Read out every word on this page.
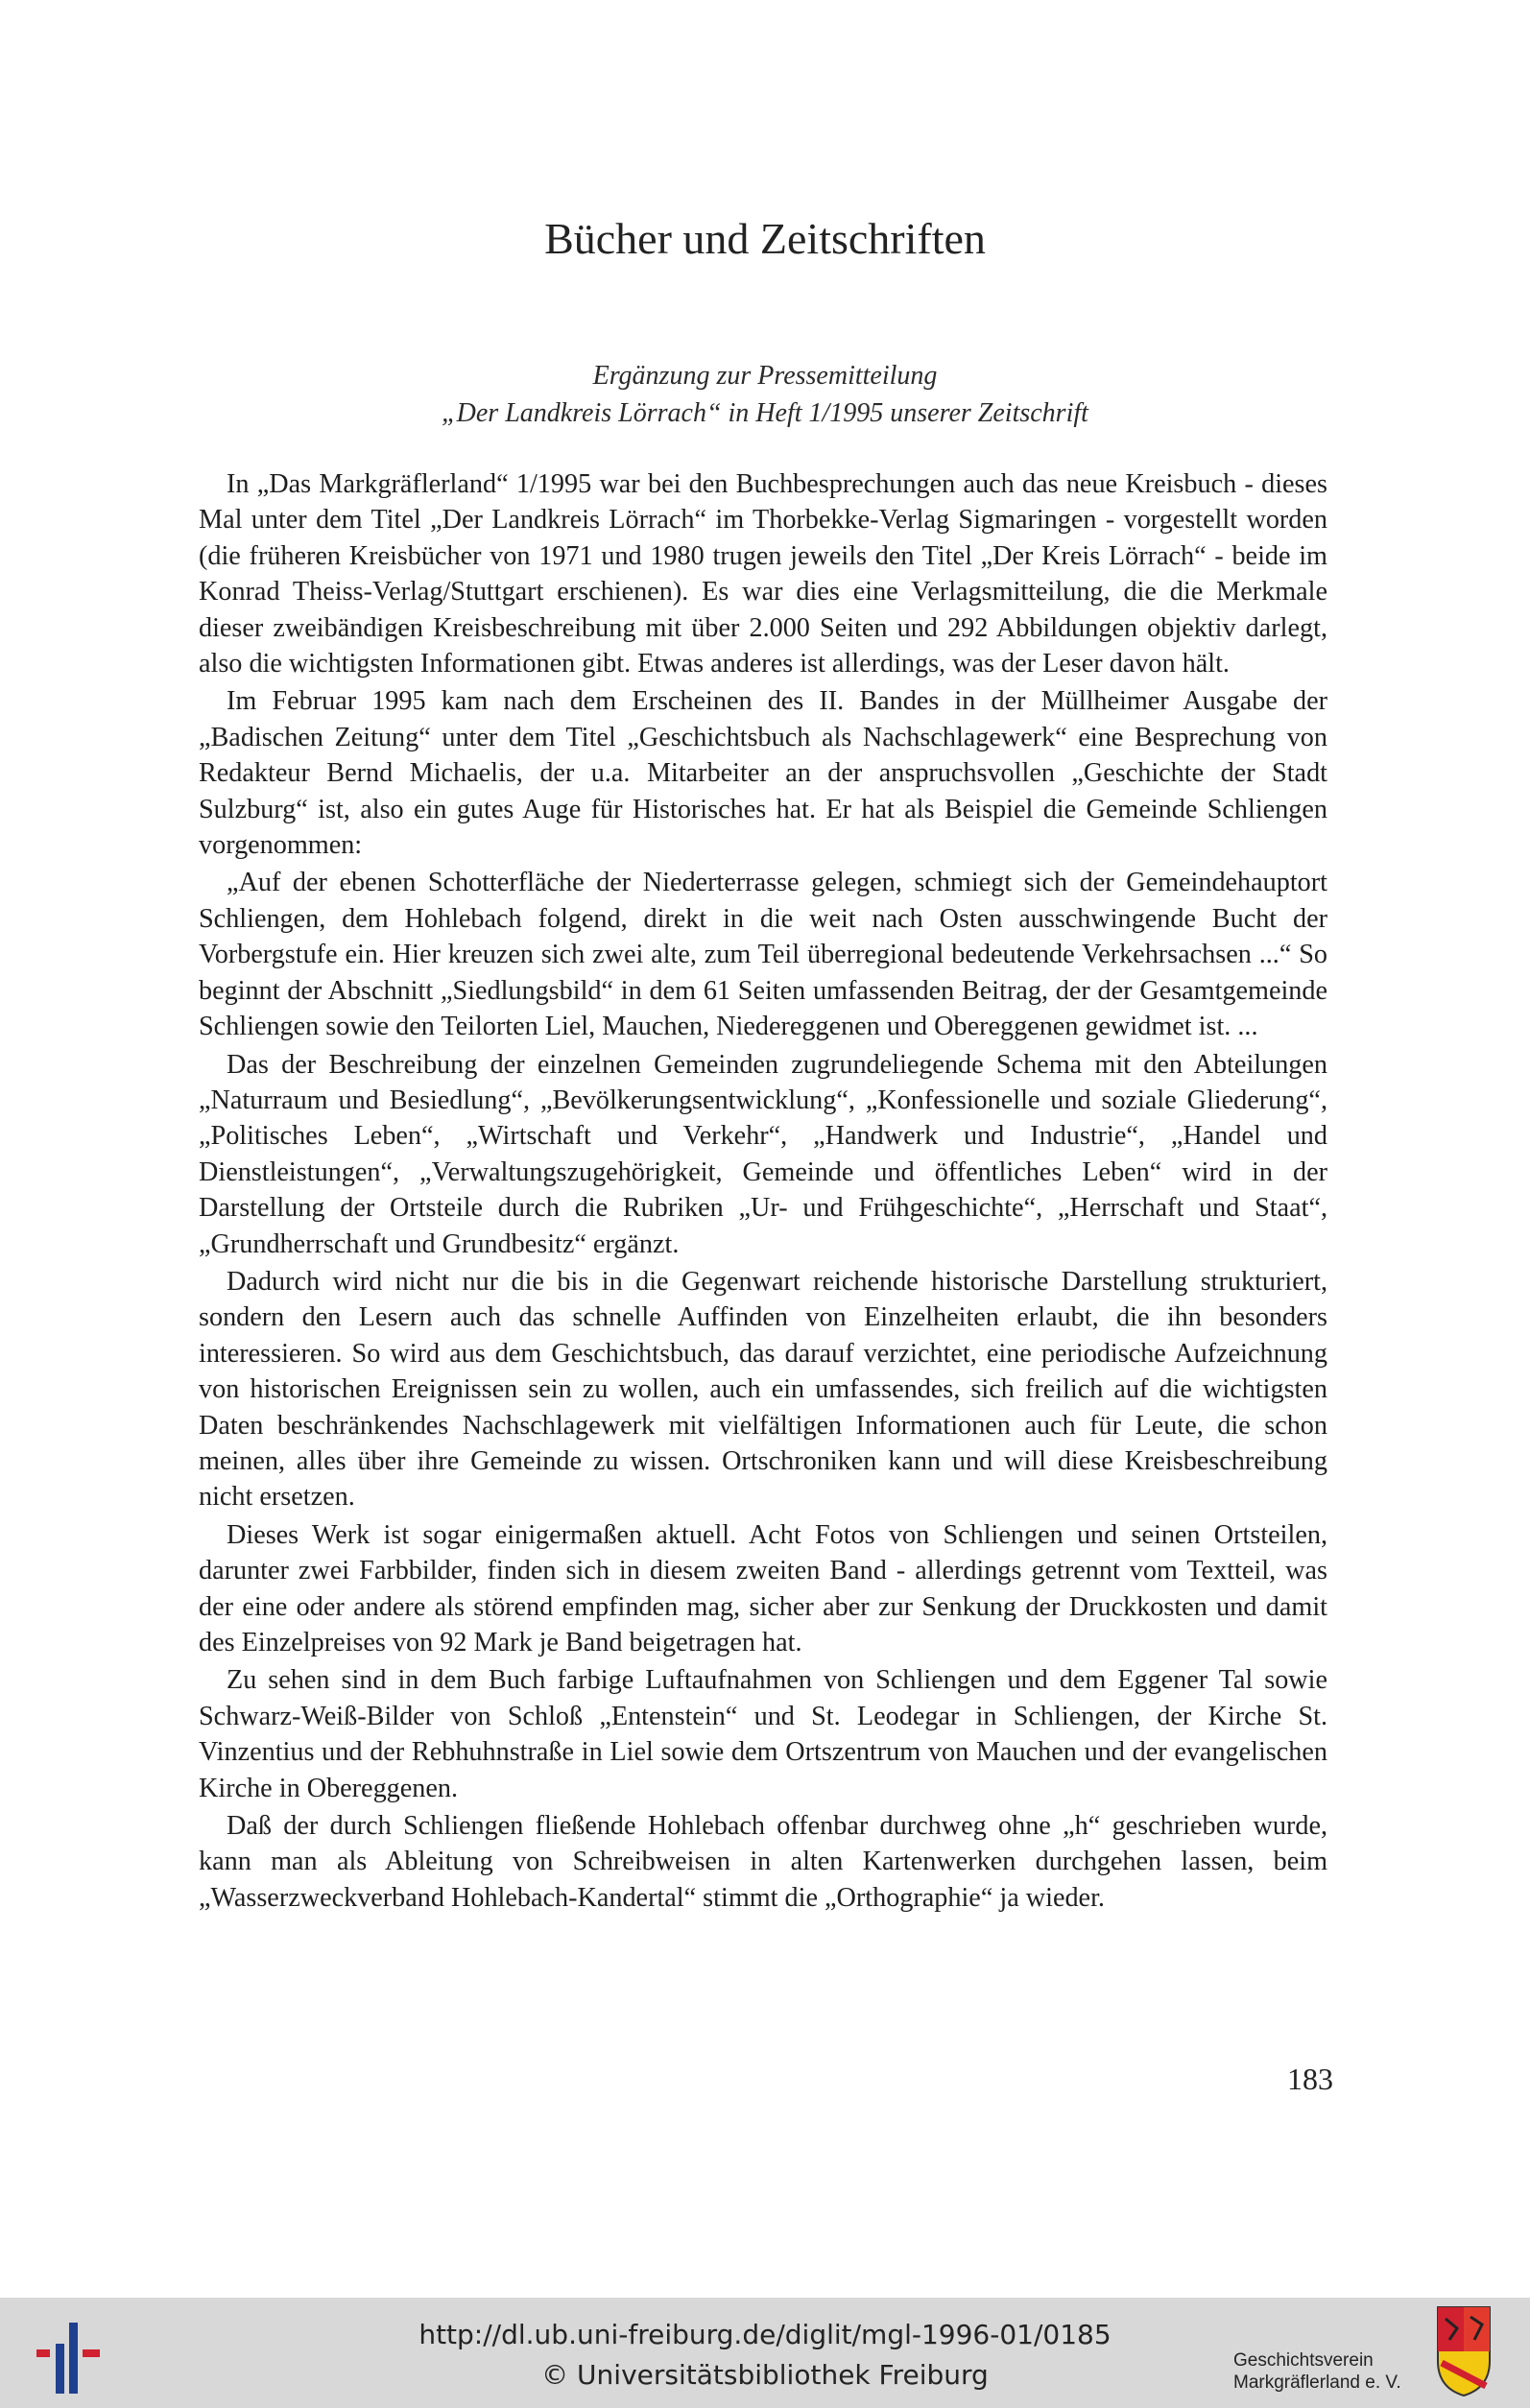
Bücher und Zeitschriften
Ergänzung zur Pressemitteilung
„Der Landkreis Lörrach“ in Heft 1/1995 unserer Zeitschrift

In „Das Markgräflerland“ 1/1995 war bei den Buchbesprechungen auch das neue Kreisbuch - dieses Mal unter dem Titel „Der Landkreis Lörrach“ im Thorbekke-Verlag Sigmaringen - vorgestellt worden (die früheren Kreisbücher von 1971 und 1980 trugen jeweils den Titel „Der Kreis Lörrach“ - beide im Konrad Theiss-Verlag/Stuttgart erschienen). Es war dies eine Verlagsmitteilung, die die Merkmale dieser zweibändigen Kreisbeschreibung mit über 2.000 Seiten und 292 Abbildungen objektiv darlegt, also die wichtigsten Informationen gibt. Etwas anderes ist allerdings, was der Leser davon hält.

Im Februar 1995 kam nach dem Erscheinen des II. Bandes in der Müllheimer Ausgabe der „Badischen Zeitung“ unter dem Titel „Geschichtsbuch als Nachschlagewerk“ eine Besprechung von Redakteur Bernd Michaelis, der u.a. Mitarbeiter an der anspruchsvollen „Geschichte der Stadt Sulzburg“ ist, also ein gutes Auge für Historisches hat. Er hat als Beispiel die Gemeinde Schliengen vorgenommen:

„Auf der ebenen Schotterfläche der Niederterrasse gelegen, schmiegt sich der Gemeindehauptort Schliengen, dem Hohlebach folgend, direkt in die weit nach Osten ausschwingende Bucht der Vorbergstufe ein. Hier kreuzen sich zwei alte, zum Teil überregional bedeutende Verkehrsachsen ...“ So beginnt der Abschnitt „Siedlungsbild“ in dem 61 Seiten umfassenden Beitrag, der der Gesamtgemeinde Schliengen sowie den Teilorten Liel, Mauchen, Niedereggenen und Obereggenen gewidmet ist. ...

Das der Beschreibung der einzelnen Gemeinden zugrundeliegende Schema mit den Abteilungen „Naturraum und Besiedlung“, „Bevölkerungsentwicklung“, „Konfessionelle und soziale Gliederung“, „Politisches Leben“, „Wirtschaft und Verkehr“, „Handwerk und Industrie“, „Handel und Dienstleistungen“, „Verwaltungszugehörigkeit, Gemeinde und öffentliches Leben“ wird in der Darstellung der Ortsteile durch die Rubriken „Ur- und Frühgeschichte“, „Herrschaft und Staat“, „Grundherrschaft und Grundbesitz“ ergänzt.

Dadurch wird nicht nur die bis in die Gegenwart reichende historische Darstellung strukturiert, sondern den Lesern auch das schnelle Auffinden von Einzelheiten erlaubt, die ihn besonders interessieren. So wird aus dem Geschichtsbuch, das darauf verzichtet, eine periodische Aufzeichnung von historischen Ereignissen sein zu wollen, auch ein umfassendes, sich freilich auf die wichtigsten Daten beschränkendes Nachschlagewerk mit vielfältigen Informationen auch für Leute, die schon meinen, alles über ihre Gemeinde zu wissen. Ortschroniken kann und will diese Kreisbeschreibung nicht ersetzen.

Dieses Werk ist sogar einigermaßen aktuell. Acht Fotos von Schliengen und seinen Ortsteilen, darunter zwei Farbbilder, finden sich in diesem zweiten Band - allerdings getrennt vom Textteil, was der eine oder andere als störend empfinden mag, sicher aber zur Senkung der Druckkosten und damit des Einzelpreises von 92 Mark je Band beigetragen hat.

Zu sehen sind in dem Buch farbige Luftaufnahmen von Schliengen und dem Eggener Tal sowie Schwarz-Weiß-Bilder von Schloß „Entenstein“ und St. Leodegar in Schliengen, der Kirche St. Vinzentius und der Rebhuhnstraße in Liel sowie dem Ortszentrum von Mauchen und der evangelischen Kirche in Obereggenen.

Daß der durch Schliengen fließende Hohlebach offenbar durchweg ohne „h“ geschrieben wurde, kann man als Ableitung von Schreibweisen in alten Kartenwerken durchgehen lassen, beim „Wasserzweckverband Hohlebach-Kandertal“ stimmt die „Orthographie“ ja wieder.

183
http://dl.ub.uni-freiburg.de/diglit/mgl-1996-01/0185
© Universitätsbibliothek Freiburg	Geschichtsverein
Markgräflerland e. V.
